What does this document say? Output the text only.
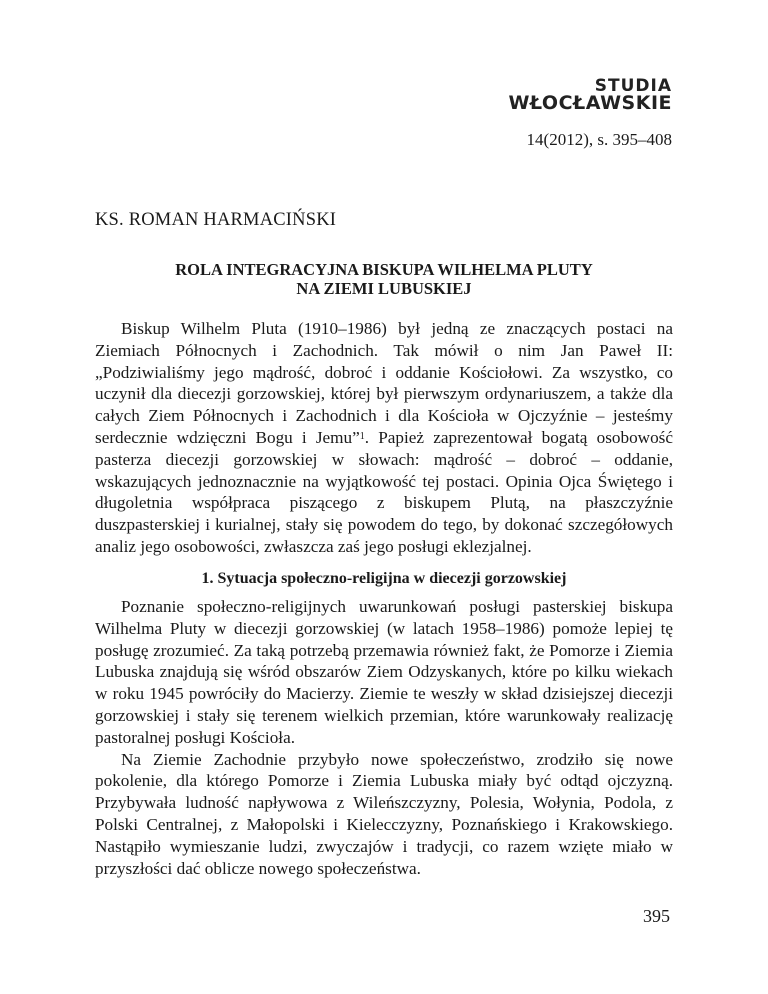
STUDIA
WŁOCŁAWSKIE
14(2012), s. 395–408
KS. ROMAN HARMACIŃSKI
ROLA INTEGRACYJNA BISKUPA WILHELMA PLUTY
NA ZIEMI LUBUSKIEJ

Biskup Wilhelm Pluta (1910–1986) był jedną ze znaczących postaci na Ziemiach Północnych i Zachodnich. Tak mówił o nim Jan Paweł II: „Podziwialiśmy jego mądrość, dobroć i oddanie Kościołowi. Za wszystko, co uczynił dla diecezji gorzowskiej, której był pierwszym ordynariuszem, a także dla całych Ziem Północnych i Zachodnich i dla Kościoła w Ojczyźnie – jesteśmy serdecznie wdzięczni Bogu i Jemu”$^1$. Papież zaprezentował bogatą osobowość pasterza diecezji gorzowskiej w słowach: mądrość – dobroć – oddanie, wskazujących jednoznacznie na wyjątkowość tej postaci. Opinia Ojca Świętego i długoletnia współpraca piszącego z biskupem Plutą, na płaszczyźnie duszpasterskiej i kurialnej, stały się powodem do tego, by dokonać szczegółowych analiz jego osobowości, zwłaszcza zaś jego posługi eklezjalnej.

1. Sytuacja społeczno-religijna w diecezji gorzowskiej

Poznanie społeczno-religijnych uwarunkowań posługi pasterskiej biskupa Wilhelma Pluty w diecezji gorzowskiej (w latach 1958–1986) pomoże lepiej tę posługę zrozumieć. Za taką potrzebą przemawia również fakt, że Pomorze i Ziemia Lubuska znajdują się wśród obszarów Ziem Odzyskanych, które po kilku wiekach w roku 1945 powróciły do Macierzy. Ziemie te weszły w skład dzisiejszej diecezji gorzowskiej i stały się terenem wielkich przemian, które warunkowały realizację pastoralnej posługi Kościoła.

Na Ziemie Zachodnie przybyło nowe społeczeństwo, zrodziło się nowe pokolenie, dla którego Pomorze i Ziemia Lubuska miały być odtąd ojczyzną. Przybywała ludność napływowa z Wileńszczyzny, Polesia, Wołynia, Podola, z Polski Centralnej, z Małopolski i Kielecczyzny, Poznańskiego i Krakowskiego. Nastąpiło wymieszanie ludzi, zwyczajów i tradycji, co razem wzięte miało w przyszłości dać oblicze nowego społeczeństwa.

395
